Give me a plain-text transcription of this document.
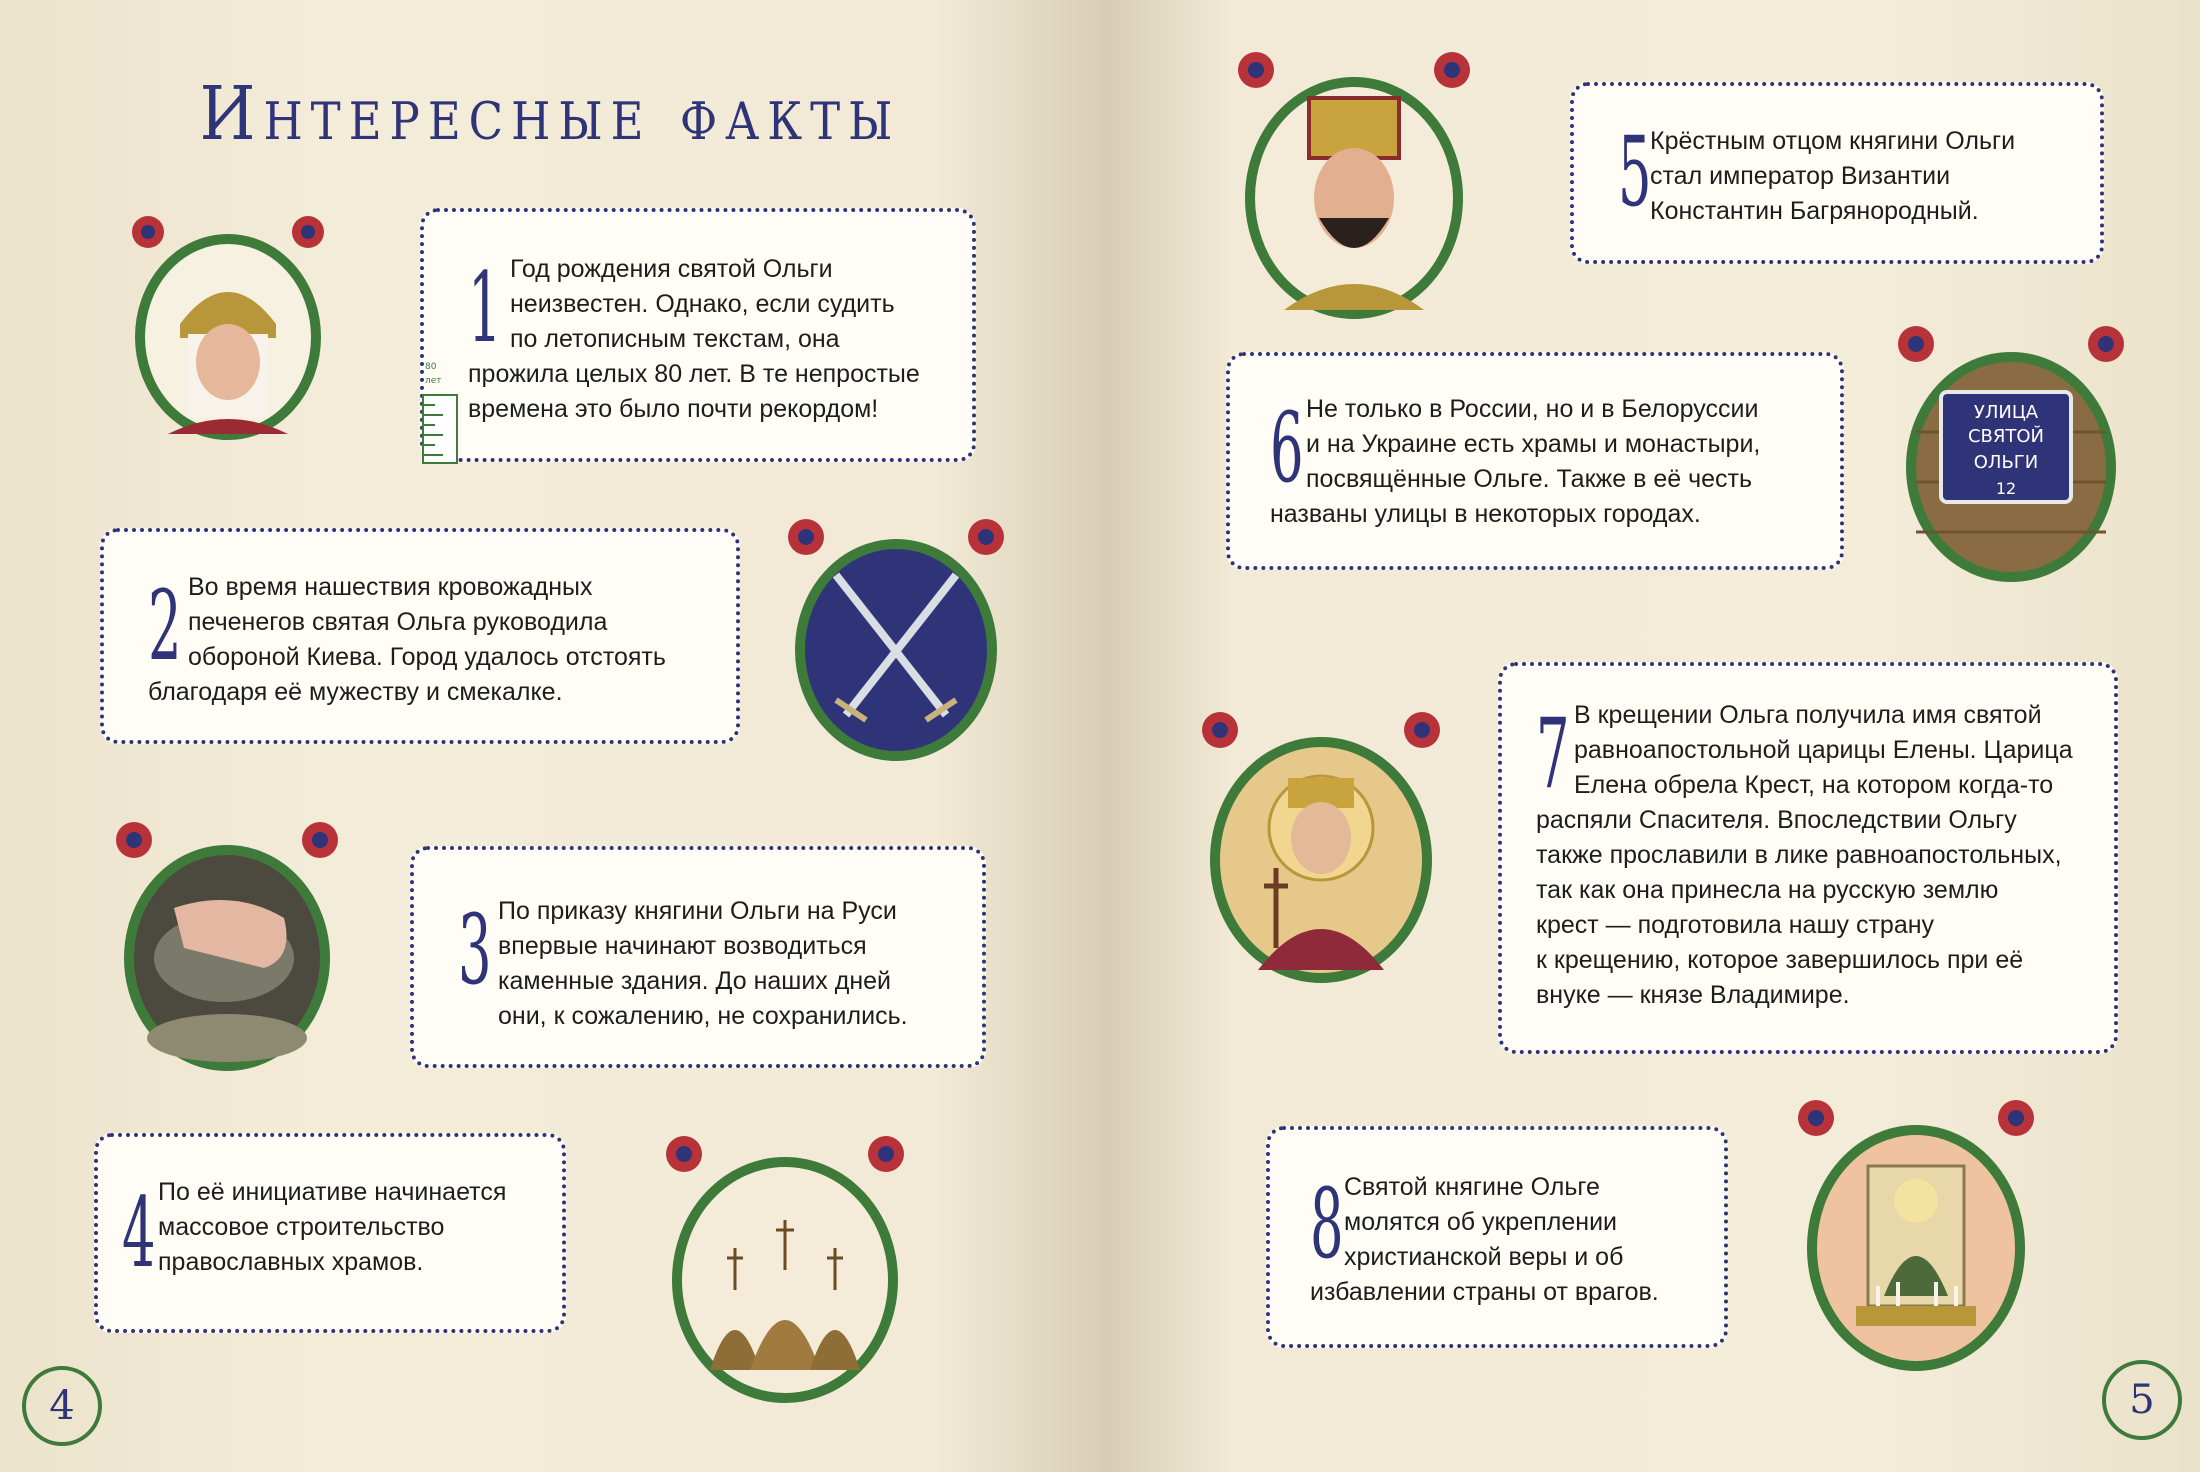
Интересные факты
1 Год рождения святой Ольги
неизвестен. Однако, если судить
по летописным текстам, она
прожила целых 80 лет. В те непростые
времена это было почти рекордом!

80
лет
2 Во время нашествия кровожадных
печенегов святая Ольга руководила
обороной Киева. Город удалось отстоять
благодаря её мужеству и смекалке.

3 По приказу княгини Ольги на Руси
впервые начинают возводиться
каменные здания. До наших дней
они, к сожалению, не сохранились.

4 По её инициативе начинается
массовое строительство
православных храмов.

5

Крёстным отцом княгини Ольги
стал император Византии
Константин Багрянородный.

6 Не только в России, но и в Белоруссии
и на Украине есть храмы и монастыри,
посвящённые Ольге. Также в её честь
названы улицы в некоторых городах.

7 В крещении Ольга получила имя святой
равноапостольной царицы Елены. Царица
Елена обрела Крест, на котором когда-то
распяли Спасителя. Впоследствии Ольгу
также прославили в лике равноапостольных,
так как она принесла на русскую землю
крест — подготовила нашу страну
к крещению, которое завершилось при её
внуке — князе Владимире.

8 Святой княгине Ольге
молятся об укреплении
христианской веры и об
избавлении страны от врагов.

УЛИЦА
СВЯТОЙ
ОЛЬГИ
12
4	5
